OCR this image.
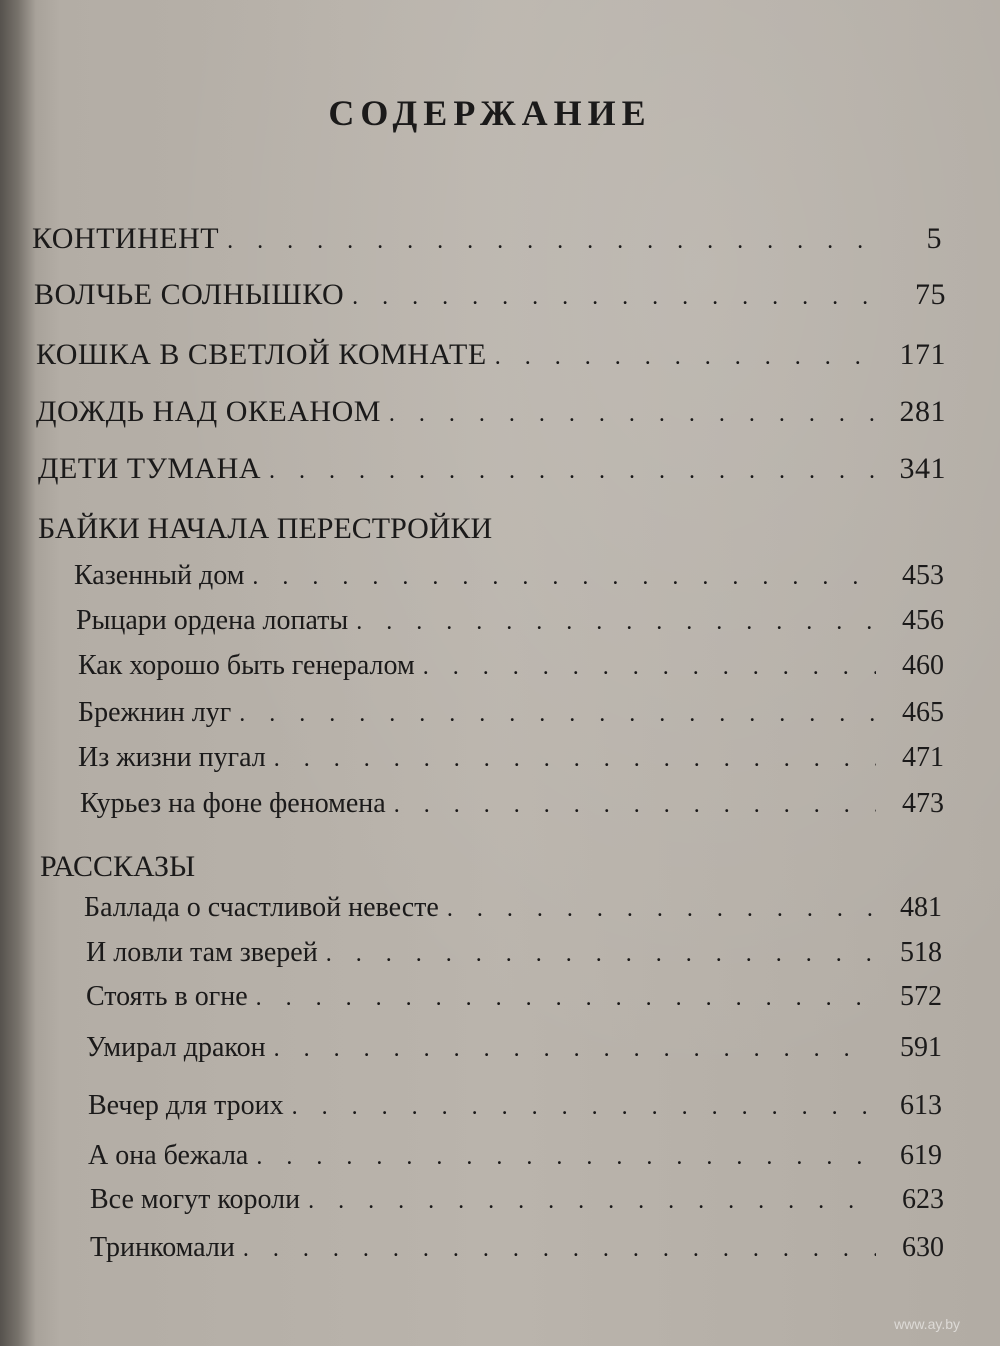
СОДЕРЖАНИЕ
КОНТИНЕНТ . . .	5
ВОЛЧЬЕ СОЛНЫШКО . . .	75
КОШКА В СВЕТЛОЙ КОМНАТЕ . . .	171
ДОЖДЬ НАД ОКЕАНОМ . . .	281
ДЕТИ ТУМАНА . . .	341
БАЙКИ НАЧАЛА ПЕРЕСТРОЙКИ
Казенный дом . . .	453
Рыцари ордена лопаты . . .	456
Как хорошо быть генералом . . .	460
Брежнин луг . . .	465
Из жизни пугал . . .	471
Курьез на фоне феномена . . .	473
РАССКАЗЫ
Баллада о счастливой невесте . . .	481
И ловли там зверей . . .	518
Стоять в огне . . .	572
Умирал дракон . . .	591
Вечер для троих . . .	613
А она бежала . . .	619
Все могут короли . . .	623
Тринкомали . . .	630
www.ay.by
